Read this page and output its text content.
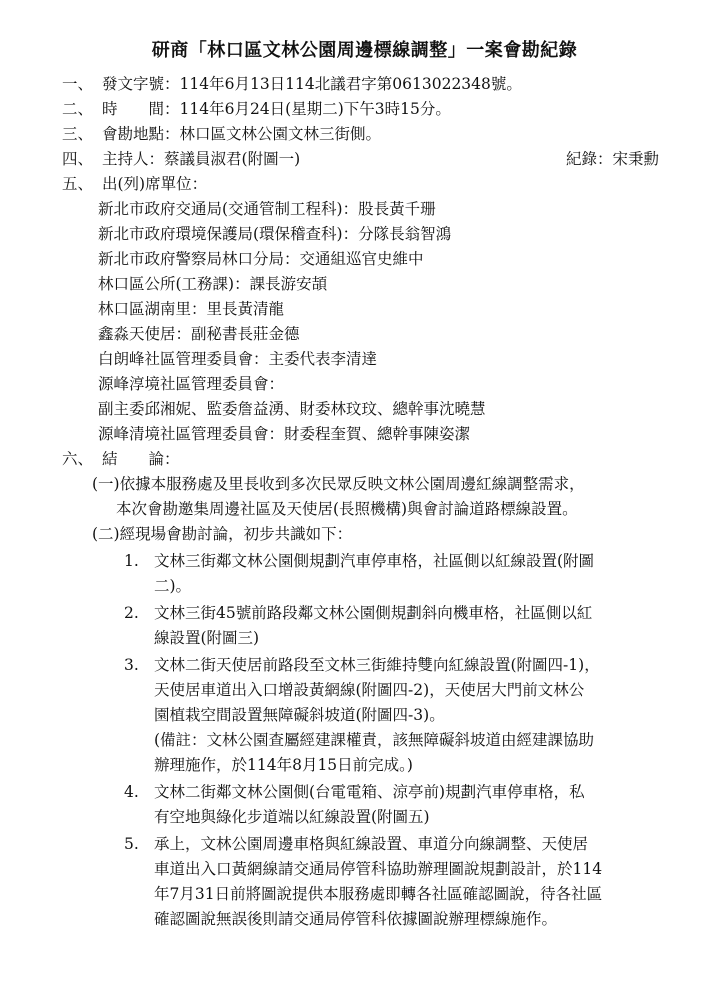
研商「林口區文林公園周邊標線調整」一案會勘紀錄
一、 發文字號： 114年6月13日114北議君字第0613022348號。
二、 時　　間： 114年6月24日(星期二)下午3時15分。
三、 會勘地點： 林口區文林公園文林三街側。
四、 主持人： 蔡議員淑君(附圖一)	紀錄：宋秉勳
五、 出(列)席單位：
新北市政府交通局(交通管制工程科)：股長黃千珊
新北市政府環境保護局(環保稽查科)：分隊長翁智鴻
新北市政府警察局林口分局：交通組巡官史維中
林口區公所(工務課)：課長游安頡
林口區湖南里：里長黃清龍
鑫淼天使居：副秘書長莊金德
白朗峰社區管理委員會：主委代表李清達
源峰淳境社區管理委員會：
副主委邱湘妮、監委詹益湧、財委林玟玟、總幹事沈曉慧
源峰清境社區管理委員會：財委程奎賀、總幹事陳姿潔
六、 結　　論：
(一)依據本服務處及里長收到多次民眾反映文林公園周邊紅線調整需求，
本次會勘邀集周邊社區及天使居(長照機構)與會討論道路標線設置。
(二)經現場會勘討論，初步共識如下：
1. 文林三街鄰文林公園側規劃汽車停車格，社區側以紅線設置(附圖
二)。
2. 文林三街45號前路段鄰文林公園側規劃斜向機車格，社區側以紅
線設置(附圖三)
3. 文林二街天使居前路段至文林三街維持雙向紅線設置(附圖四-1)，
天使居車道出入口增設黃網線(附圖四-2)，天使居大門前文林公
園植栽空間設置無障礙斜坡道(附圖四-3)。
(備註：文林公園查屬經建課權責，該無障礙斜坡道由經建課協助
辦理施作，於114年8月15日前完成。)
4. 文林二街鄰文林公園側(台電電箱、涼亭前)規劃汽車停車格，私
有空地與綠化步道端以紅線設置(附圖五)
5. 承上，文林公園周邊車格與紅線設置、車道分向線調整、天使居
車道出入口黃網線請交通局停管科協助辦理圖說規劃設計，於114
年7月31日前將圖說提供本服務處即轉各社區確認圖說，待各社區
確認圖說無誤後則請交通局停管科依據圖說辦理標線施作。
